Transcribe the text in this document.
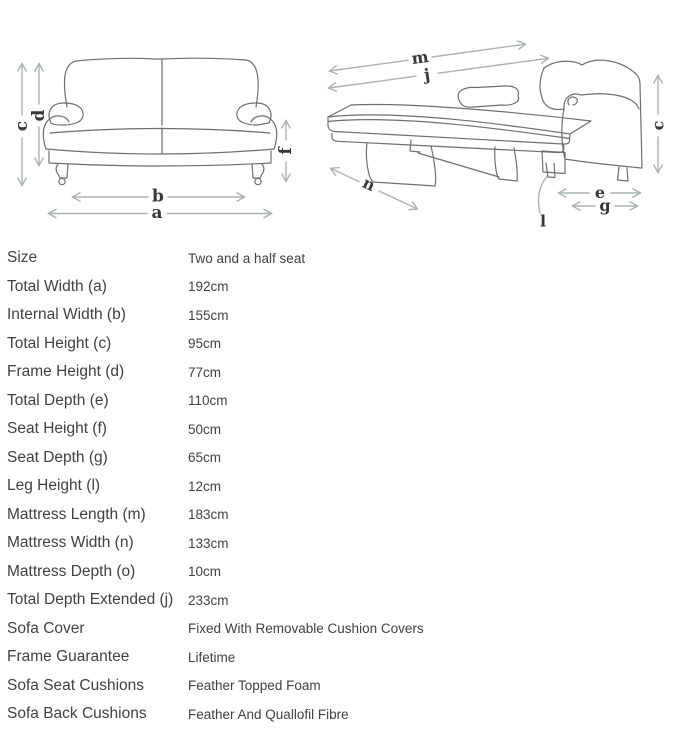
c
d
f
b
a
m
j
c
n	e
g
l
Size	Two and a half seat
Total Width (a)	192cm
Internal Width (b)	155cm
Total Height (c)	95cm
Frame Height (d)	77cm
Total Depth (e)	110cm
Seat Height (f)	50cm
Seat Depth (g)	65cm
Leg Height (l)	12cm
Mattress Length (m)	183cm
Mattress Width (n)	133cm
Mattress Depth (o)	10cm
Total Depth Extended (j)	233cm
Sofa Cover	Fixed With Removable Cushion Covers
Frame Guarantee	Lifetime
Sofa Seat Cushions	Feather Topped Foam
Sofa Back Cushions	Feather And Quallofil Fibre
